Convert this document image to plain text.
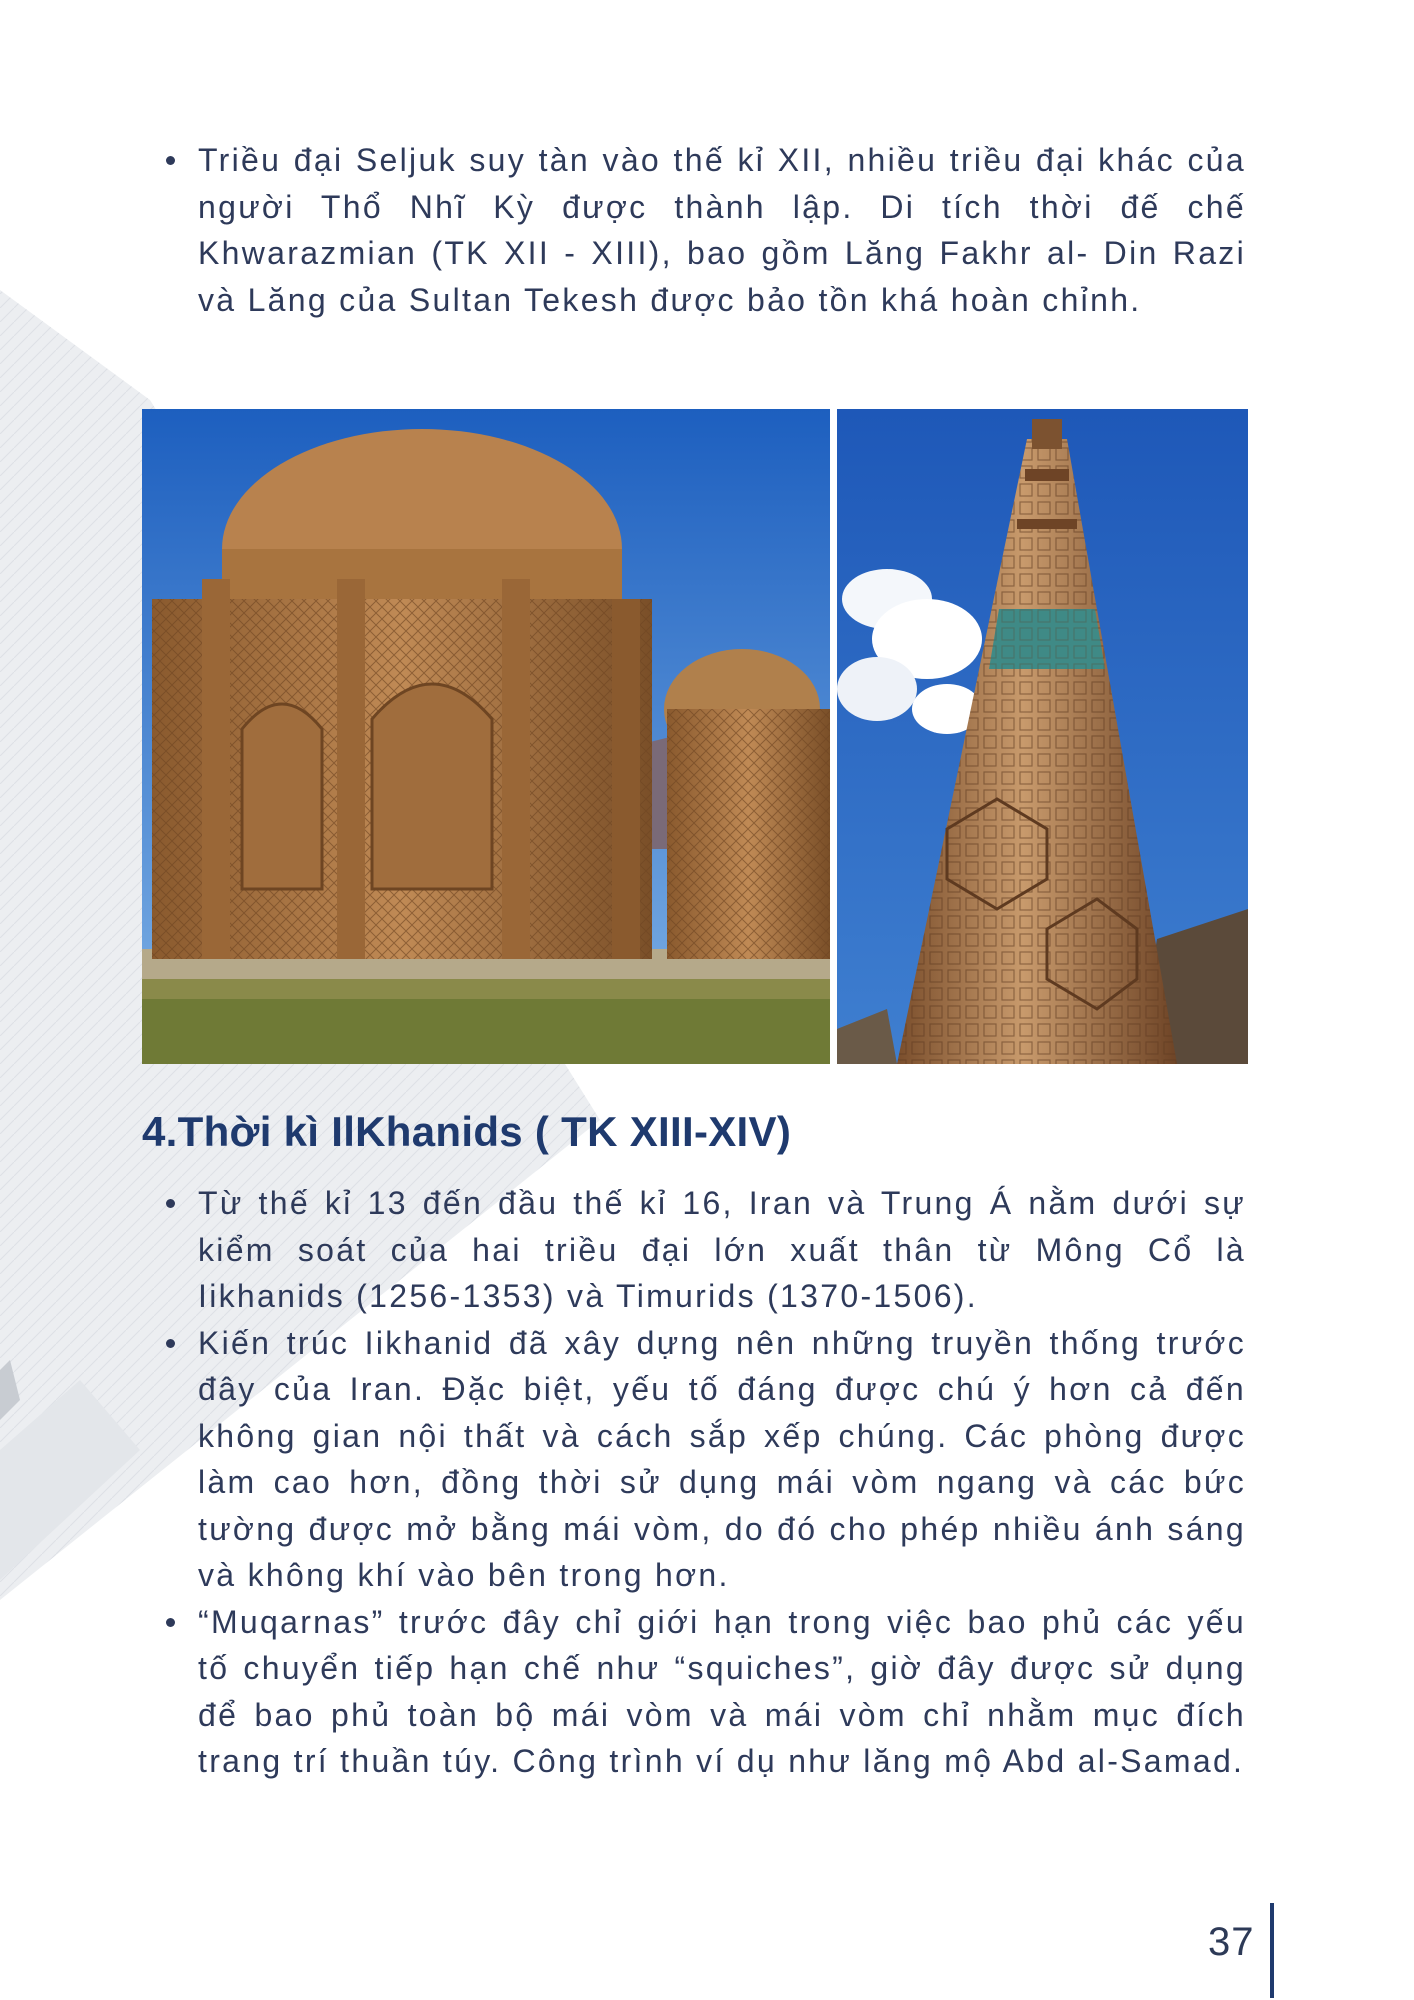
Triều đại Seljuk suy tàn vào thế kỉ XII, nhiều triều đại khác của người Thổ Nhĩ Kỳ được thành lập. Di tích thời đế chế Khwarazmian (TK XII - XIII), bao gồm Lăng Fakhr al- Din Razi và Lăng của Sultan Tekesh được bảo tồn khá hoàn chỉnh.
4.Thời kì IlKhanids ( TK XIII-XIV)
Từ thế kỉ 13 đến đầu thế kỉ 16, Iran và Trung Á nằm dưới sự kiểm soát của hai triều đại lớn xuất thân từ Mông Cổ là Iikhanids (1256-1353) và Timurids (1370-1506).
Kiến trúc Iikhanid đã xây dựng nên những truyền thống trước đây của Iran. Đặc biệt, yếu tố đáng được chú ý hơn cả đến không gian nội thất và cách sắp xếp chúng. Các phòng được làm cao hơn, đồng thời sử dụng mái vòm ngang và các bức tường được mở bằng mái vòm, do đó cho phép nhiều ánh sáng và không khí vào bên trong hơn.
“Muqarnas” trước đây chỉ giới hạn trong việc bao phủ các yếu tố chuyển tiếp hạn chế như “squiches”, giờ đây được sử dụng để bao phủ toàn bộ mái vòm và mái vòm chỉ nhằm mục đích trang trí thuần túy. Công trình ví dụ như lăng mộ Abd al-Samad.
37
